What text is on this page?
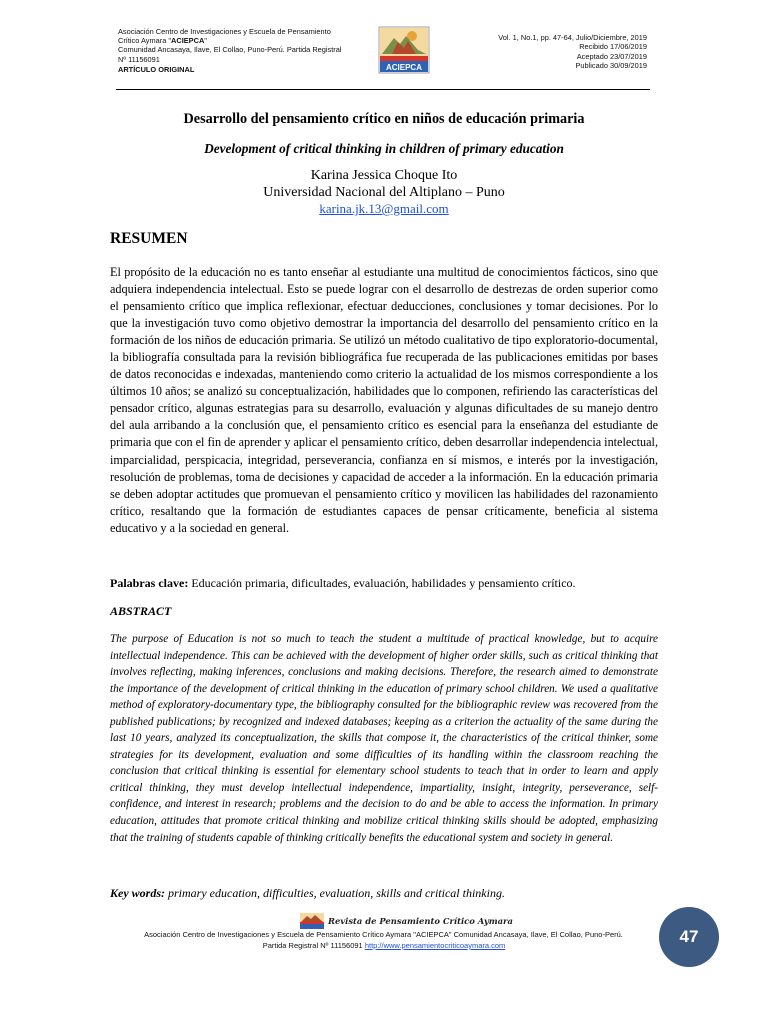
Asociación Centro de Investigaciones y Escuela de Pensamiento
Crítico Aymara "ACIEPCA"
Comunidad Ancasaya, Ilave, El Collao, Puno-Perú. Partida Registral
Nº 11156091
ARTÍCULO ORIGINAL	ACIEPCA
Vol. 1, No.1, pp. 47-64, Julio/Diciembre, 2019
Recibido 17/06/2019
Aceptado 23/07/2019
Publicado 30/09/2019
Desarrollo del pensamiento crítico en niños de educación primaria
Development of critical thinking in children of primary education
Karina Jessica Choque Ito
Universidad Nacional del Altiplano – Puno
karina.jk.13@gmail.com
RESUMEN
El propósito de la educación no es tanto enseñar al estudiante una multitud de conocimientos fácticos, sino que adquiera independencia intelectual. Esto se puede lograr con el desarrollo de destrezas de orden superior como el pensamiento crítico que implica reflexionar, efectuar deducciones, conclusiones y tomar decisiones. Por lo que la investigación tuvo como objetivo demostrar la importancia del desarrollo del pensamiento crítico en la formación de los niños de educación primaria. Se utilizó un método cualitativo de tipo exploratorio-documental, la bibliografía consultada para la revisión bibliográfica fue recuperada de las publicaciones emitidas por bases de datos reconocidas e indexadas, manteniendo como criterio la actualidad de los mismos correspondiente a los últimos 10 años; se analizó su conceptualización, habilidades que lo componen, refiriendo las características del pensador crítico, algunas estrategias para su desarrollo, evaluación y algunas dificultades de su manejo dentro del aula arribando a la conclusión que, el pensamiento crítico es esencial para la enseñanza del estudiante de primaria que con el fin de aprender y aplicar el pensamiento crítico, deben desarrollar independencia intelectual, imparcialidad, perspicacia, integridad, perseverancia, confianza en sí mismos, e interés por la investigación, resolución de problemas, toma de decisiones y capacidad de acceder a la información. En la educación primaria se deben adoptar actitudes que promuevan el pensamiento crítico y movilicen las habilidades del razonamiento crítico, resaltando que la formación de estudiantes capaces de pensar críticamente, beneficia al sistema educativo y a la sociedad en general.
Palabras clave: Educación primaria, dificultades, evaluación, habilidades y pensamiento crítico.
ABSTRACT
The purpose of Education is not so much to teach the student a multitude of practical knowledge, but to acquire intellectual independence. This can be achieved with the development of higher order skills, such as critical thinking that involves reflecting, making inferences, conclusions and making decisions. Therefore, the research aimed to demonstrate the importance of the development of critical thinking in the education of primary school children. We used a qualitative method of exploratory-documentary type, the bibliography consulted for the bibliographic review was recovered from the published publications; by recognized and indexed databases; keeping as a criterion the actuality of the same during the last 10 years, analyzed its conceptualization, the skills that compose it, the characteristics of the critical thinker, some strategies for its development, evaluation and some difficulties of its handling within the classroom reaching the conclusion that critical thinking is essential for elementary school students to teach that in order to learn and apply critical thinking, they must develop intellectual independence, impartiality, insight, integrity, perseverance, self-confidence, and interest in research; problems and the decision to do and be able to access the information. In primary education, attitudes that promote critical thinking and mobilize critical thinking skills should be adopted, emphasizing that the training of students capable of thinking critically benefits the educational system and society in general.
Key words: primary education, difficulties, evaluation, skills and critical thinking.
Revista de Pensamiento Crítico Aymara
Asociación Centro de Investigaciones y Escuela de Pensamiento Crítico Aymara "ACIEPCA" Comunidad Ancasaya, Ilave, El Collao, Puno-Perú.
Partida Registral Nº 11156091 http://www.pensamientocriticoaymara.com	47
